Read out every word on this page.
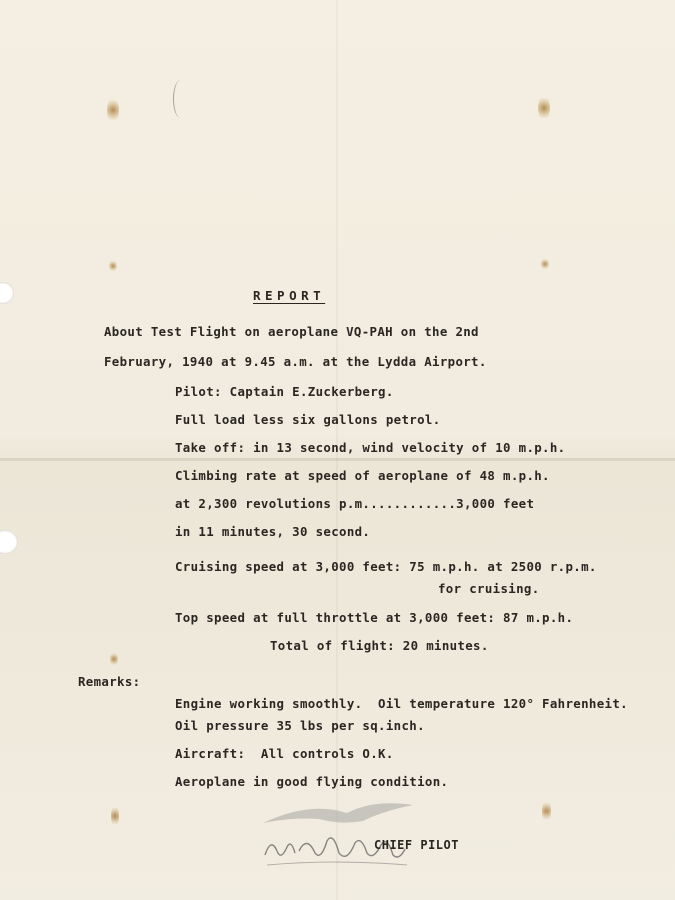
REPORT
About Test Flight on aeroplane VQ-PAH on the 2nd
February, 1940 at 9.45 a.m. at the Lydda Airport.
Pilot: Captain E.Zuckerberg.
Full load less six gallons petrol.
Take off: in 13 second, wind velocity of 10 m.p.h.
Climbing rate at speed of aeroplane of 48 m.p.h.
at 2,300 revolutions p.m............3,000 feet
in 11 minutes, 30 second.
Cruising speed at 3,000 feet: 75 m.p.h. at 2500 r.p.m.
for cruising.
Top speed at full throttle at 3,000 feet: 87 m.p.h.
Total of flight: 20 minutes.
Remarks:
Engine working smoothly.  Oil temperature 120° Fahrenheit.
Oil pressure 35 lbs per sq.inch.
Aircraft:  All controls O.K.
Aeroplane in good flying condition.
CHIEF PILOT
